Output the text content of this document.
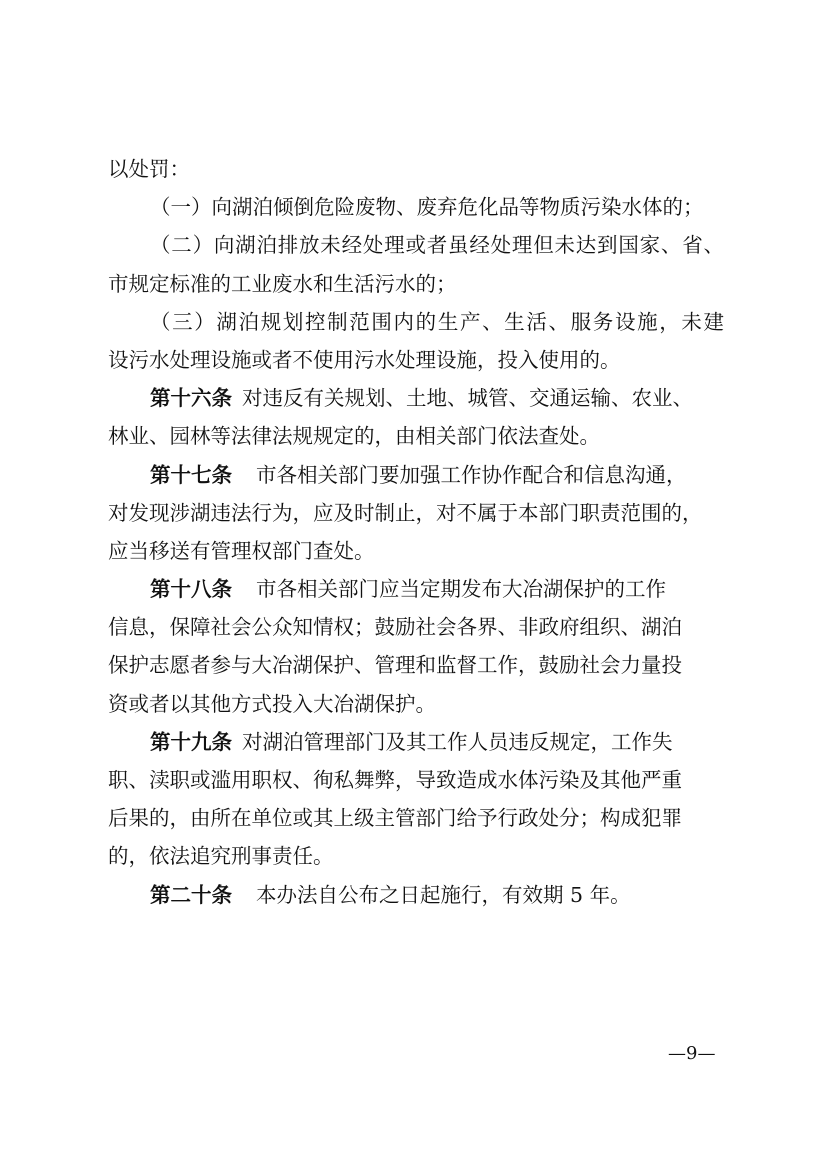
以处罚：
（一）向湖泊倾倒危险废物、废弃危化品等物质污染水体的；
（二）向湖泊排放未经处理或者虽经处理但未达到国家、省、
市规定标准的工业废水和生活污水的；
（三）湖泊规划控制范围内的生产、生活、服务设施，未建
设污水处理设施或者不使用污水处理设施，投入使用的。
第十六条 对违反有关规划、土地、城管、交通运输、农业、
林业、园林等法律法规规定的，由相关部门依法查处。
第十七条 市各相关部门要加强工作协作配合和信息沟通，
对发现涉湖违法行为，应及时制止，对不属于本部门职责范围的，
应当移送有管理权部门查处。
第十八条 市各相关部门应当定期发布大冶湖保护的工作
信息，保障社会公众知情权；鼓励社会各界、非政府组织、湖泊
保护志愿者参与大冶湖保护、管理和监督工作，鼓励社会力量投
资或者以其他方式投入大冶湖保护。
第十九条 对湖泊管理部门及其工作人员违反规定，工作失
职、渎职或滥用职权、徇私舞弊，导致造成水体污染及其他严重
后果的，由所在单位或其上级主管部门给予行政处分；构成犯罪
的，依法追究刑事责任。
第二十条 本办法自公布之日起施行，有效期 5 年。
—9—
